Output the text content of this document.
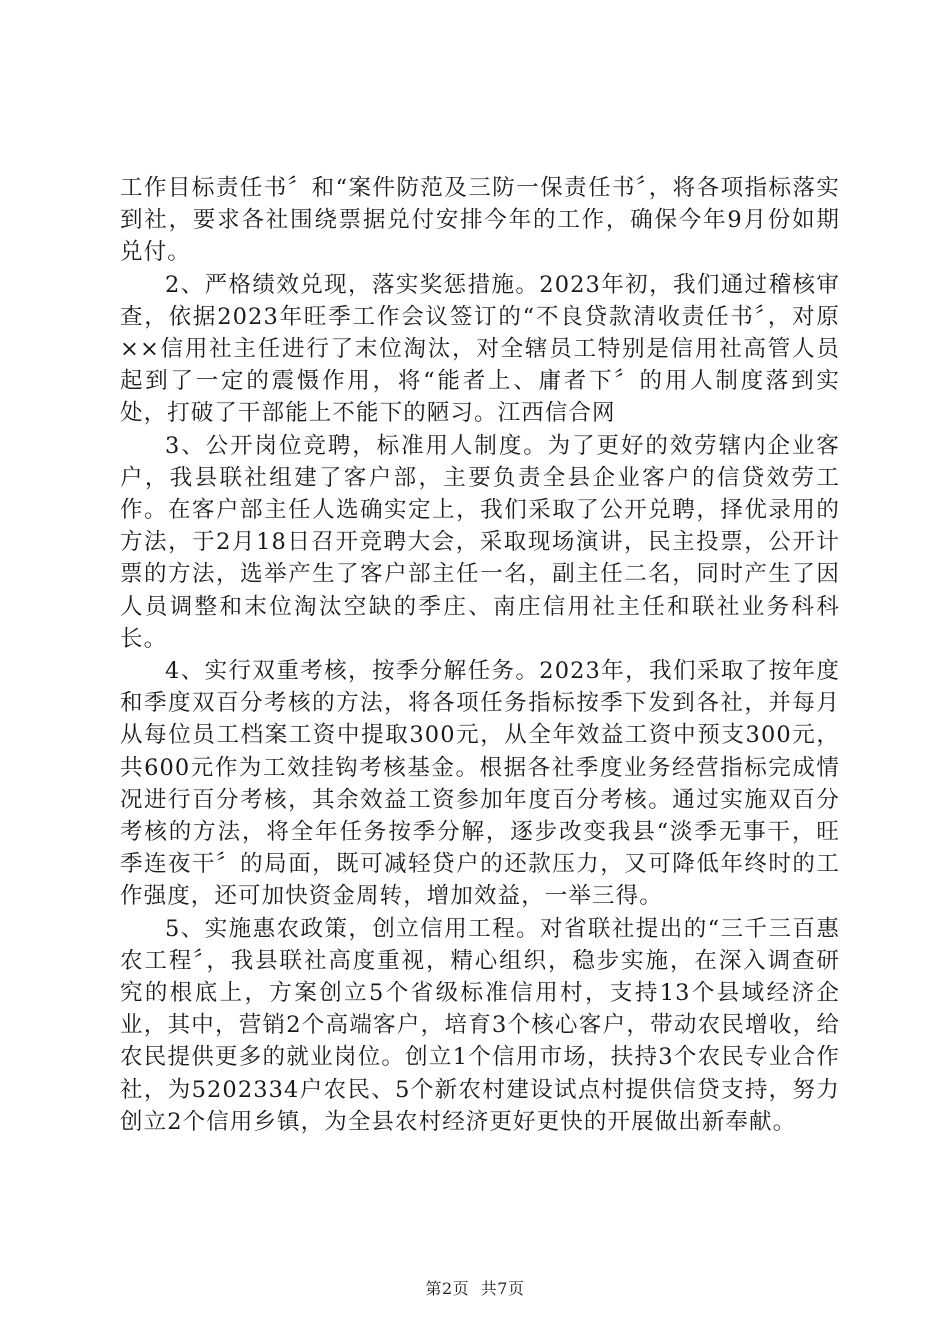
工作目标责任书〞和“案件防范及三防一保责任书〞，将各项指标落实到社，要求各社围绕票据兑付安排今年的工作，确保今年9月份如期兑付。

2、严格绩效兑现，落实奖惩措施。2023年初，我们通过稽核审查，依据2023年旺季工作会议签订的“不良贷款清收责任书〞，对原××信用社主任进行了末位淘汰，对全辖员工特别是信用社高管人员起到了一定的震慑作用，将“能者上、庸者下〞的用人制度落到实处，打破了干部能上不能下的陋习。江西信合网

3、公开岗位竞聘，标准用人制度。为了更好的效劳辖内企业客户，我县联社组建了客户部，主要负责全县企业客户的信贷效劳工作。在客户部主任人选确实定上，我们采取了公开兑聘，择优录用的方法，于2月18日召开竞聘大会，采取现场演讲，民主投票，公开计票的方法，选举产生了客户部主任一名，副主任二名，同时产生了因人员调整和末位淘汰空缺的季庄、南庄信用社主任和联社业务科科长。

4、实行双重考核，按季分解任务。2023年，我们采取了按年度和季度双百分考核的方法，将各项任务指标按季下发到各社，并每月从每位员工档案工资中提取300元，从全年效益工资中预支300元，共600元作为工效挂钩考核基金。根据各社季度业务经营指标完成情况进行百分考核，其余效益工资参加年度百分考核。通过实施双百分考核的方法，将全年任务按季分解，逐步改变我县“淡季无事干，旺季连夜干〞的局面，既可减轻贷户的还款压力，又可降低年终时的工作强度，还可加快资金周转，增加效益，一举三得。

5、实施惠农政策，创立信用工程。对省联社提出的“三千三百惠农工程〞，我县联社高度重视，精心组织，稳步实施，在深入调查研究的根底上，方案创立5个省级标准信用村，支持13个县域经济企业，其中，营销2个高端客户，培育3个核心客户，带动农民增收，给农民提供更多的就业岗位。创立1个信用市场，扶持3个农民专业合作社，为5202334户农民、5个新农村建设试点村提供信贷支持，努力创立2个信用乡镇，为全县农村经济更好更快的开展做出新奉献。

第2页 共7页
